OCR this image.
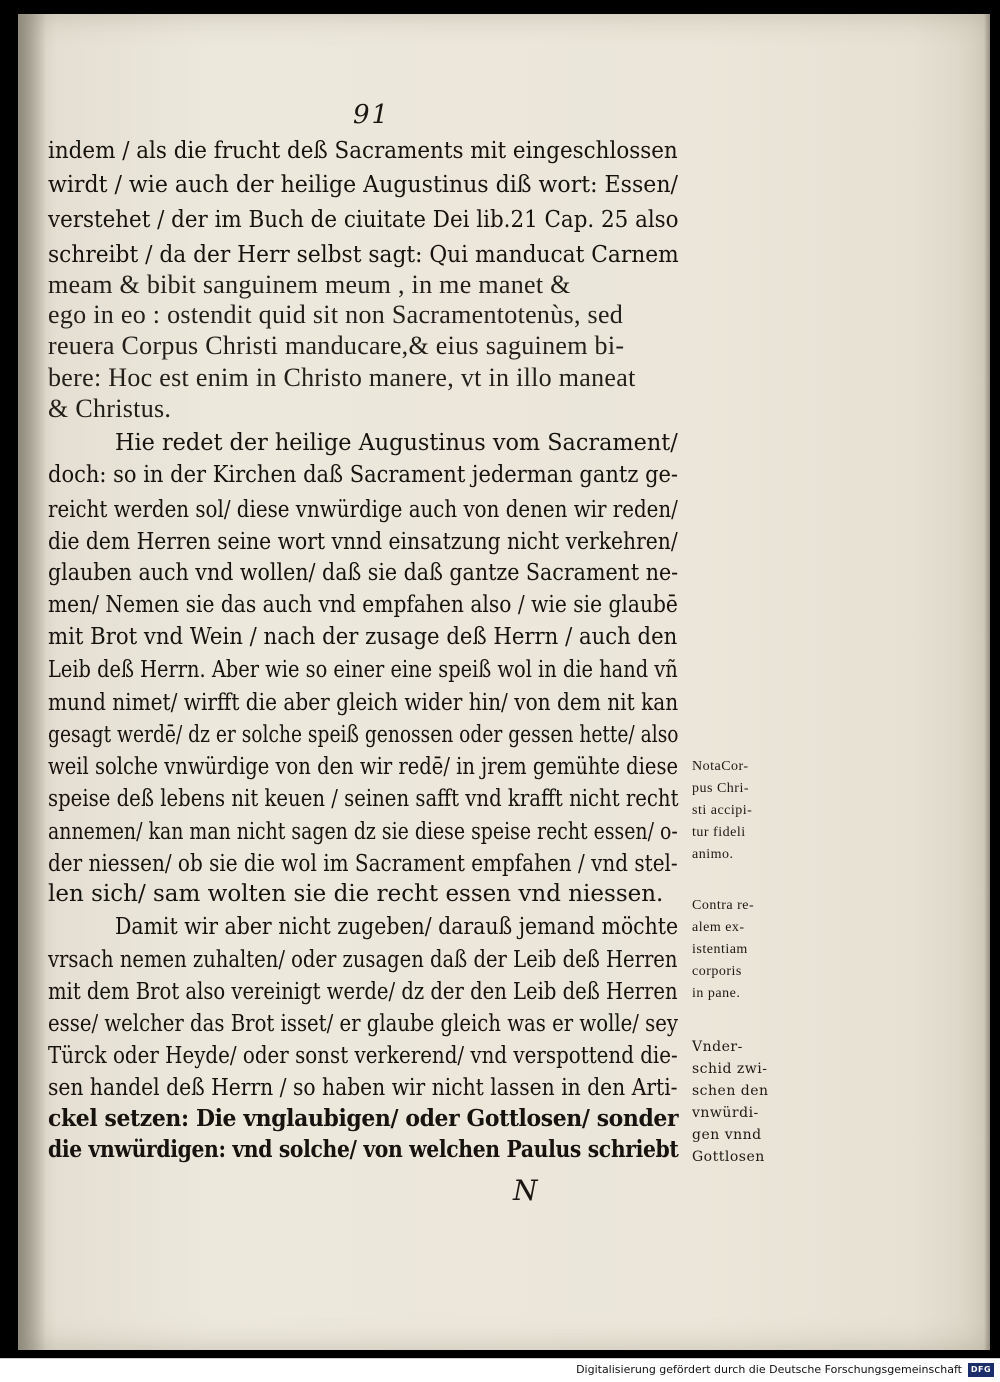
91

indem / als die frucht deß Sacraments mit eingeschlossen

wirdt / wie auch der heilige Augustinus diß wort: Essen/

verstehet / der im Buch de ciuitate Dei lib.21 Cap. 25 also

schreibt / da der Herr selbst sagt: Qui manducat Carnem

meam & bibit sanguinem meum , in me manet &

ego in eo : ostendit quid sit non Sacramentotenùs, sed

reuera Corpus Christi manducare,& eius saguinem bi-

bere: Hoc est enim in Christo manere, vt in illo maneat

& Christus.

Hie redet der heilige Augustinus vom Sacrament/

doch: so in der Kirchen daß Sacrament jederman gantz ge-

reicht werden sol/ diese vnwürdige auch von denen wir reden/

die dem Herren seine wort vnnd einsatzung nicht verkehren/

glauben auch vnd wollen/ daß sie daß gantze Sacrament ne-

men/ Nemen sie das auch vnd empfahen also / wie sie glaubē

mit Brot vnd Wein / nach der zusage deß Herrn / auch den

Leib deß Herrn. Aber wie so einer eine speiß wol in die hand vñ

mund nimet/ wirfft die aber gleich wider hin/ von dem nit kan

gesagt werdē/ dz er solche speiß genossen oder gessen hette/ also

weil solche vnwürdige von den wir redē/ in jrem gemühte diese

speise deß lebens nit keuen / seinen safft vnd krafft nicht recht

annemen/ kan man nicht sagen dz sie diese speise recht essen/ o-

der niessen/ ob sie die wol im Sacrament empfahen / vnd stel-

len sich/ sam wolten sie die recht essen vnd niessen.

Damit wir aber nicht zugeben/ darauß jemand möchte

vrsach nemen zuhalten/ oder zusagen daß der Leib deß Herren

mit dem Brot also vereinigt werde/ dz der den Leib deß Herren

esse/ welcher das Brot isset/ er glaube gleich was er wolle/ sey

Türck oder Heyde/ oder sonst verkerend/ vnd verspottend die-

sen handel deß Herrn / so haben wir nicht lassen in den Arti-

ckel setzen: Die vnglaubigen/ oder Gottlosen/ sonder

die vnwürdigen: vnd solche/ von welchen Paulus schriebt

NotaCor-

pus Chri-

sti accipi-

tur fideli

animo.

Contra re-

alem ex-

istentiam

corporis

in pane.

Vnder-

schid zwi-

schen den

vnwürdi-

gen vnnd

Gottlosen

N
Digitalisierung gefördert durch die Deutsche Forschungsgemeinschaft	DFG
